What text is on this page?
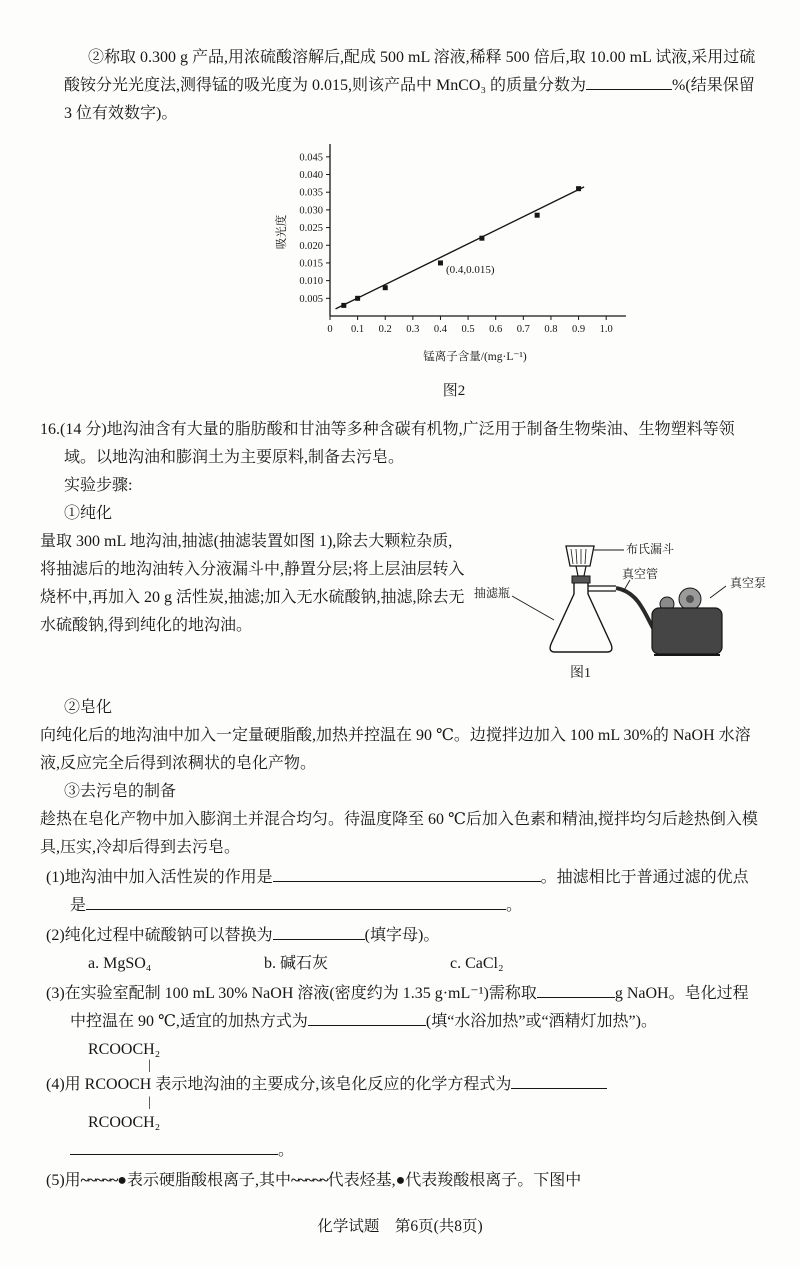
②称取 0.300 g 产品,用浓硫酸溶解后,配成 500 mL 溶液,稀释 500 倍后,取 10.00 mL 试液,采用过硫酸铵分光光度法,测得锰的吸光度为 0.015,则该产品中 MnCO₃ 的质量分数为	%(结果保留 3 位有效数字)。

0.005
0.010
0.015
0.020
0.025
0.030
0.035
0.040
0.045
0 0.1 0.2 0.3 0.4 0.5 0.6 0.7 0.8 0.9 1.0
(0.4,0.015)
吸光度
锰离子含量/(mg·L⁻¹)
图2

16.(14 分)地沟油含有大量的脂肪酸和甘油等多种含碳有机物,广泛用于制备生物柴油、生物塑料等领域。以地沟油和膨润土为主要原料,制备去污皂。

实验步骤:

①纯化

量取 300 mL 地沟油,抽滤(抽滤装置如图 1),除去大颗粒杂质,将抽滤后的地沟油转入分液漏斗中,静置分层;将上层油层转入烧杯中,再加入 20 g 活性炭,抽滤;加入无水硫酸钠,抽滤,除去无水硫酸钠,得到纯化的地沟油。

布氏漏斗
真空管
真空泵
抽滤瓶
图1

②皂化

向纯化后的地沟油中加入一定量硬脂酸,加热并控温在 90 ℃。边搅拌边加入 100 mL 30%的 NaOH 水溶液,反应完全后得到浓稠状的皂化产物。

③去污皂的制备

趁热在皂化产物中加入膨润土并混合均匀。待温度降至 60 ℃后加入色素和精油,搅拌均匀后趁热倒入模具,压实,冷却后得到去污皂。

(1)地沟油中加入活性炭的作用是	。抽滤相比于普通过滤的优点是	。

(2)纯化过程中硫酸钠可以替换为	(填字母)。

a. MgSO₄	b. 碱石灰	c. CaCl₂

(3)在实验室配制 100 mL 30% NaOH 溶液(密度约为 1.35 g·mL⁻¹)需称取	g NaOH。皂化过程中控温在 90 ℃,适宜的加热方式为	(填“水浴加热”或“酒精灯加热”)。

RCOOCH₂

|

(4)用 RCOOCH 表示地沟油的主要成分,该皂化反应的化学方程式为

|

RCOOCH₂

。

(5)用~~~~~●表示硬脂酸根离子,其中~~~~~代表烃基,●代表羧酸根离子。下图中

化学试题　第6页(共8页)
